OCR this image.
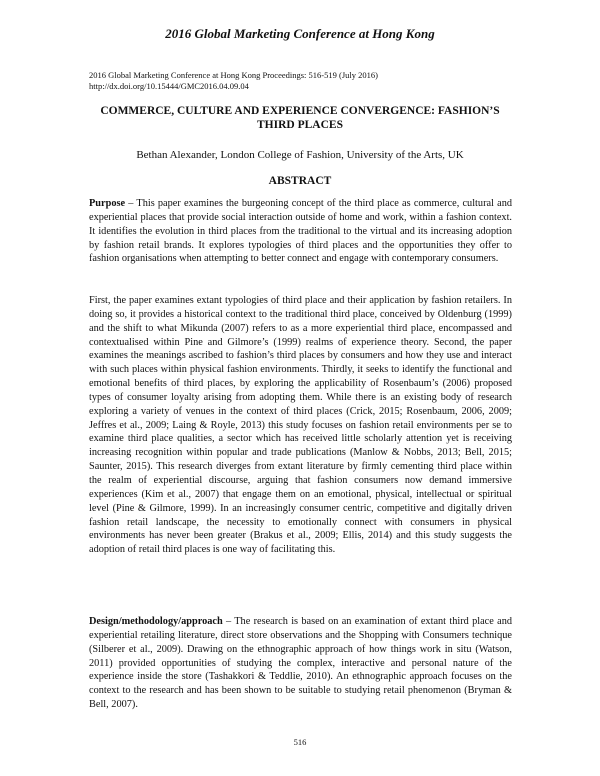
2016 Global Marketing Conference at Hong Kong
2016 Global Marketing Conference at Hong Kong Proceedings: 516-519 (July 2016)
http://dx.doi.org/10.15444/GMC2016.04.09.04
COMMERCE, CULTURE AND EXPERIENCE CONVERGENCE: FASHION’S
THIRD PLACES
Bethan Alexander, London College of Fashion, University of the Arts, UK
ABSTRACT

Purpose – This paper examines the burgeoning concept of the third place as commerce, cultural and experiential places that provide social interaction outside of home and work, within a fashion context. It identifies the evolution in third places from the traditional to the virtual and its increasing adoption by fashion retail brands. It explores typologies of third places and the opportunities they offer to fashion organisations when attempting to better connect and engage with contemporary consumers.

First, the paper examines extant typologies of third place and their application by fashion retailers. In doing so, it provides a historical context to the traditional third place, conceived by Oldenburg (1999) and the shift to what Mikunda (2007) refers to as a more experiential third place, encompassed and contextualised within Pine and Gilmore’s (1999) realms of experience theory. Second, the paper examines the meanings ascribed to fashion’s third places by consumers and how they use and interact with such places within physical fashion environments. Thirdly, it seeks to identify the functional and emotional benefits of third places, by exploring the applicability of Rosenbaum’s (2006) proposed types of consumer loyalty arising from adopting them. While there is an existing body of research exploring a variety of venues in the context of third places (Crick, 2015; Rosenbaum, 2006, 2009; Jeffres et al., 2009; Laing & Royle, 2013) this study focuses on fashion retail environments per se to examine third place qualities, a sector which has received little scholarly attention yet is receiving increasing recognition within popular and trade publications (Manlow & Nobbs, 2013; Bell, 2015; Saunter, 2015). This research diverges from extant literature by firmly cementing third place within the realm of experiential discourse, arguing that fashion consumers now demand immersive experiences (Kim et al., 2007) that engage them on an emotional, physical, intellectual or spiritual level (Pine & Gilmore, 1999). In an increasingly consumer centric, competitive and digitally driven fashion retail landscape, the necessity to emotionally connect with consumers in physical environments has never been greater (Brakus et al., 2009; Ellis, 2014) and this study suggests the adoption of retail third places is one way of facilitating this.

Design/methodology/approach – The research is based on an examination of extant third place and experiential retailing literature, direct store observations and the Shopping with Consumers technique (Silberer et al., 2009). Drawing on the ethnographic approach of how things work in situ (Watson, 2011) provided opportunities of studying the complex, interactive and personal nature of the experience inside the store (Tashakkori & Teddlie, 2010). An ethnographic approach focuses on the context to the research and has been shown to be suitable to studying retail phenomenon (Bryman & Bell, 2007).

516
